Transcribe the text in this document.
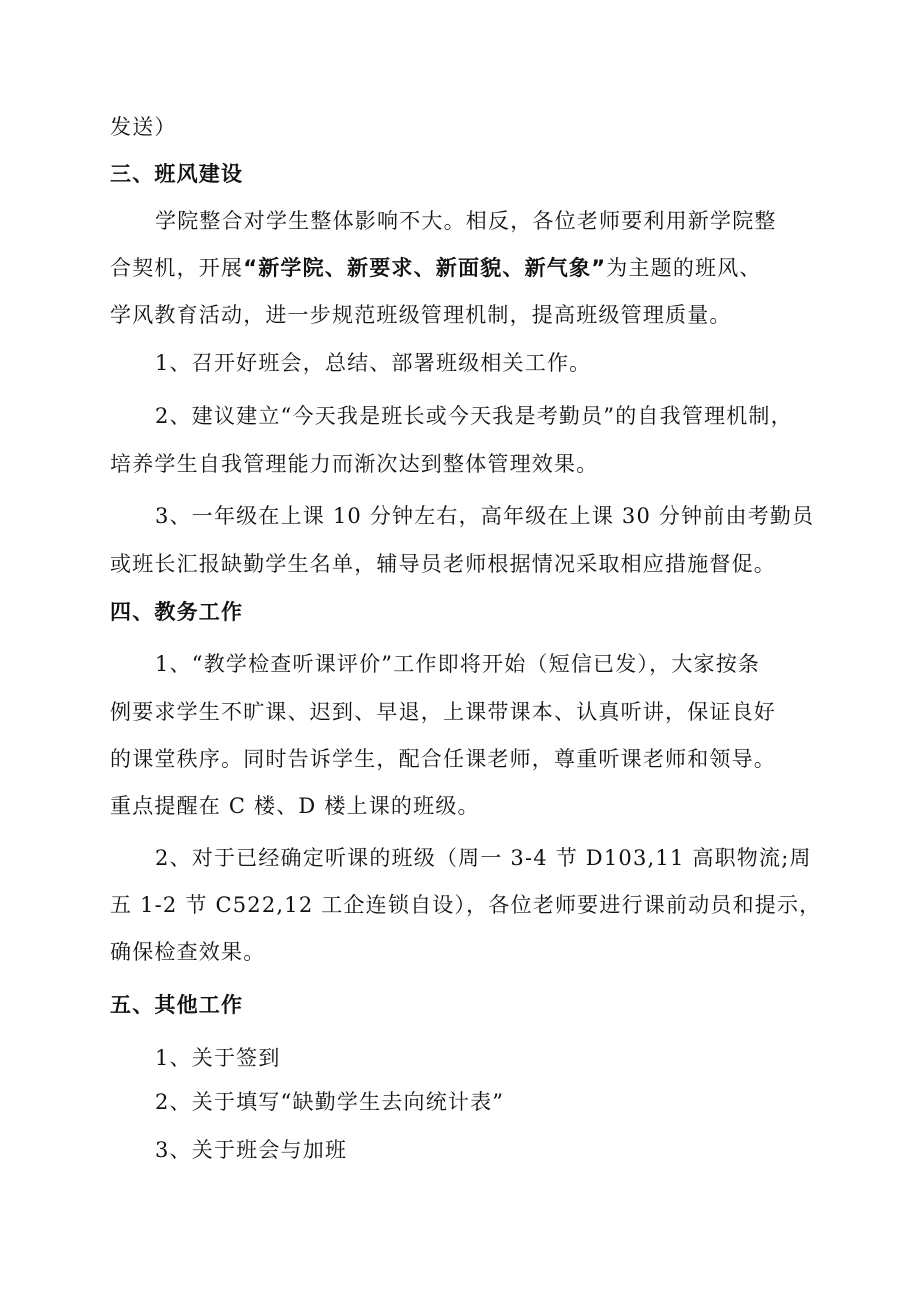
发送）
三、班风建设
学院整合对学生整体影响不大。相反，各位老师要利用新学院整
合契机，开展“新学院、新要求、新面貌、新气象”为主题的班风、
学风教育活动，进一步规范班级管理机制，提高班级管理质量。
1、召开好班会，总结、部署班级相关工作。
2、建议建立“今天我是班长或今天我是考勤员”的自我管理机制，
培养学生自我管理能力而渐次达到整体管理效果。
3、一年级在上课 10 分钟左右，高年级在上课 30 分钟前由考勤员
或班长汇报缺勤学生名单，辅导员老师根据情况采取相应措施督促。
四、教务工作
1、“教学检查听课评价”工作即将开始（短信已发），大家按条
例要求学生不旷课、迟到、早退，上课带课本、认真听讲，保证良好
的课堂秩序。同时告诉学生，配合任课老师，尊重听课老师和领导。
重点提醒在 C 楼、D 楼上课的班级。
2、对于已经确定听课的班级（周一 3-4 节 D103,11 高职物流;周
五 1-2 节 C522,12 工企连锁自设），各位老师要进行课前动员和提示，
确保检查效果。
五、其他工作
1、关于签到
2、关于填写“缺勤学生去向统计表”
3、关于班会与加班
